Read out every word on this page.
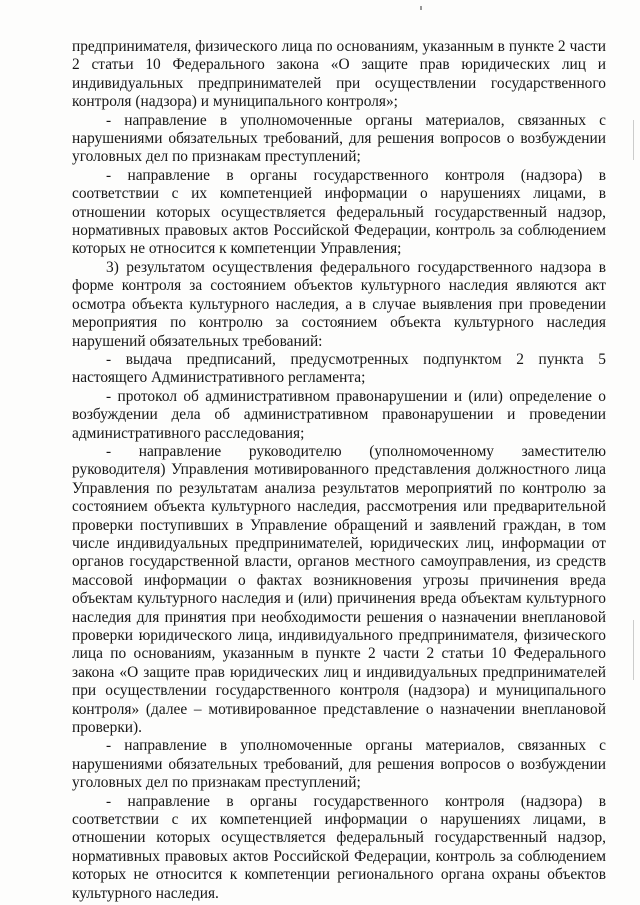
предпринимателя, физического лица по основаниям, указанным в пункте 2 части 2 статьи 10 Федерального закона «О защите прав юридических лиц и индивидуальных предпринимателей при осуществлении государственного контроля (надзора) и муниципального контроля»;

- направление в уполномоченные органы материалов, связанных с нарушениями обязательных требований, для решения вопросов о возбуждении уголовных дел по признакам преступлений;

- направление в органы государственного контроля (надзора) в соответствии с их компетенцией информации о нарушениях лицами, в отношении которых осуществляется федеральный государственный надзор, нормативных правовых актов Российской Федерации, контроль за соблюдением которых не относится к компетенции Управления;

3) результатом осуществления федерального государственного надзора в форме контроля за состоянием объектов культурного наследия являются акт осмотра объекта культурного наследия, а в случае выявления при проведении мероприятия по контролю за состоянием объекта культурного наследия нарушений обязательных требований:

- выдача предписаний, предусмотренных подпунктом 2 пункта 5 настоящего Административного регламента;

- протокол об административном правонарушении и (или) определение о возбуждении дела об административном правонарушении и проведении административного расследования;

- направление руководителю (уполномоченному заместителю руководителя) Управления мотивированного представления должностного лица Управления по результатам анализа результатов мероприятий по контролю за состоянием объекта культурного наследия, рассмотрения или предварительной проверки поступивших в Управление обращений и заявлений граждан, в том числе индивидуальных предпринимателей, юридических лиц, информации от органов государственной власти, органов местного самоуправления, из средств массовой информации о фактах возникновения угрозы причинения вреда объектам культурного наследия и (или) причинения вреда объектам культурного наследия для принятия при необходимости решения о назначении внеплановой проверки юридического лица, индивидуального предпринимателя, физического лица по основаниям, указанным в пункте 2 части 2 статьи 10 Федерального закона «О защите прав юридических лиц и индивидуальных предпринимателей при осуществлении государственного контроля (надзора) и муниципального контроля» (далее – мотивированное представление о назначении внеплановой проверки).

- направление в уполномоченные органы материалов, связанных с нарушениями обязательных требований, для решения вопросов о возбуждении уголовных дел по признакам преступлений;

- направление в органы государственного контроля (надзора) в соответствии с их компетенцией информации о нарушениях лицами, в отношении которых осуществляется федеральный государственный надзор, нормативных правовых актов Российской Федерации, контроль за соблюдением которых не относится к компетенции регионального органа охраны объектов культурного наследия.
